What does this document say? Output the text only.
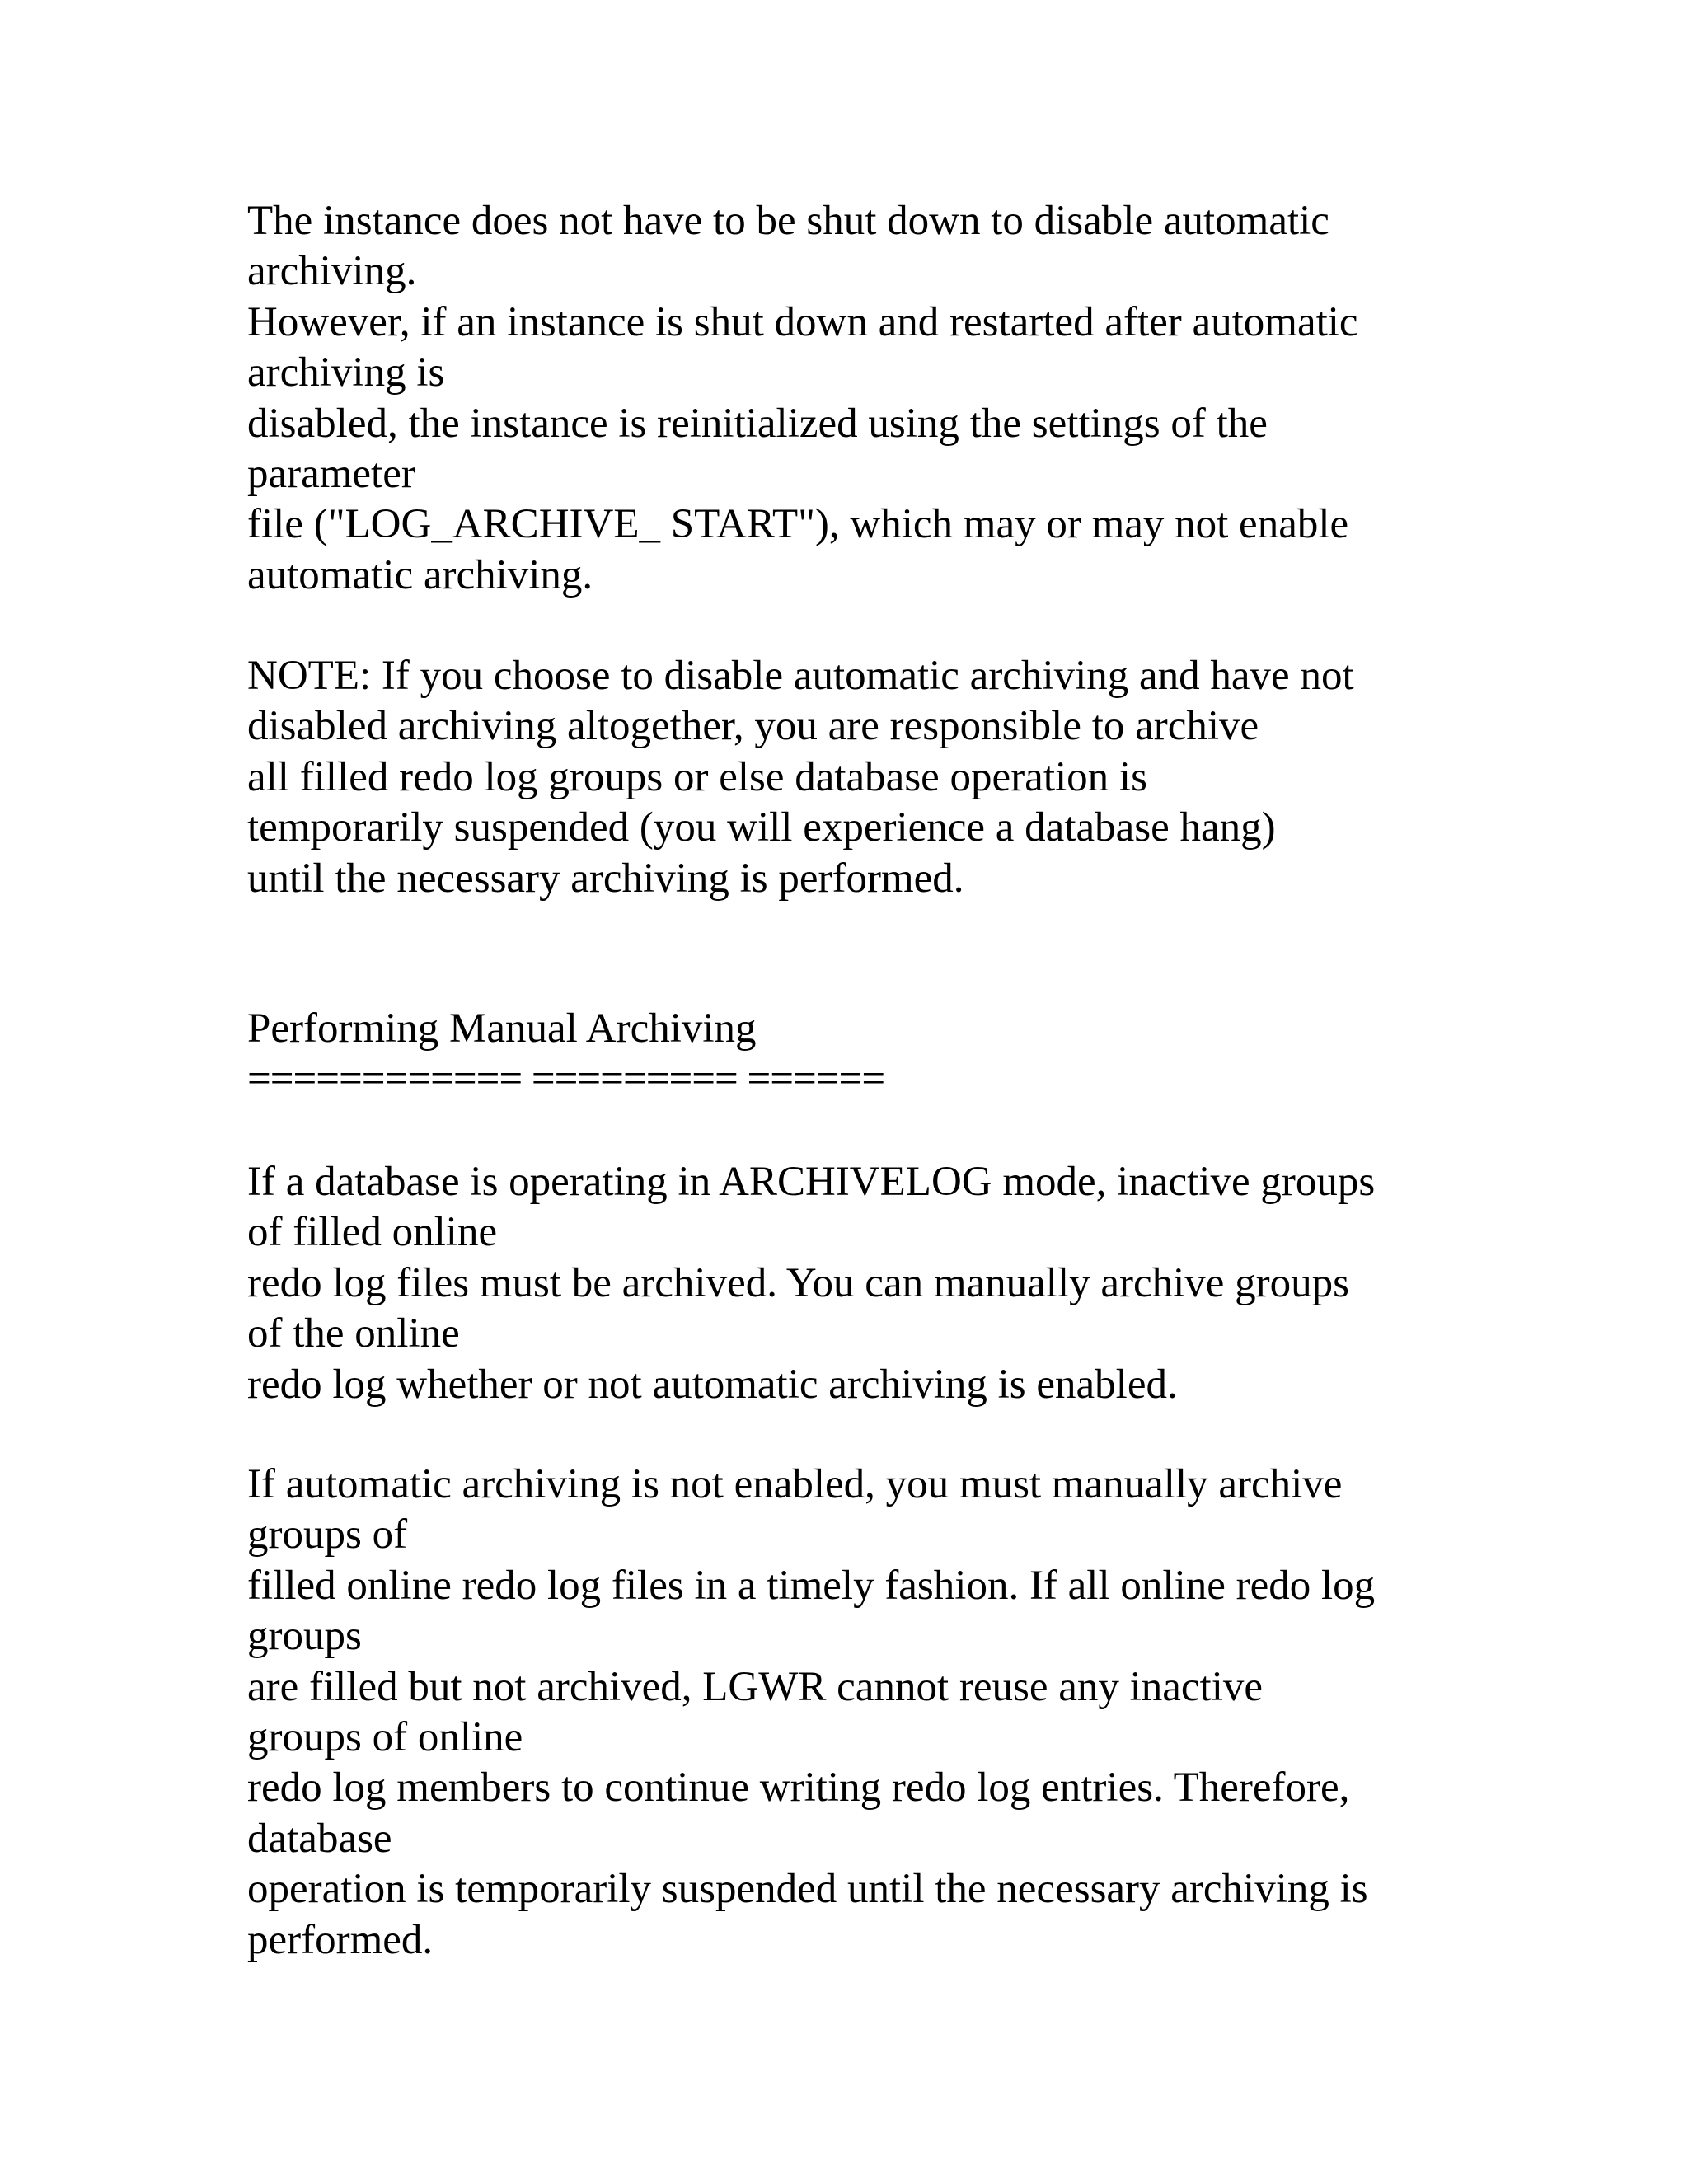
The instance does not have to be shut down to disable automatic
archiving.
However, if an instance is shut down and restarted after automatic
archiving is
disabled, the instance is reinitialized using the settings of the
parameter
file ("LOG_ARCHIVE_ START"), which may or may not enable
automatic archiving.
NOTE: If you choose to disable automatic archiving and have not
disabled archiving altogether, you are responsible to archive
all filled redo log groups or else database operation is
temporarily suspended (you will experience a database hang)
until the necessary archiving is performed.
Performing Manual Archiving
============ ========= ======
If a database is operating in ARCHIVELOG mode, inactive groups
of filled online
redo log files must be archived. You can manually archive groups
of the online
redo log whether or not automatic archiving is enabled.
If automatic archiving is not enabled, you must manually archive
groups of
filled online redo log files in a timely fashion. If all online redo log
groups
are filled but not archived, LGWR cannot reuse any inactive
groups of online
redo log members to continue writing redo log entries. Therefore,
database
operation is temporarily suspended until the necessary archiving is
performed.
